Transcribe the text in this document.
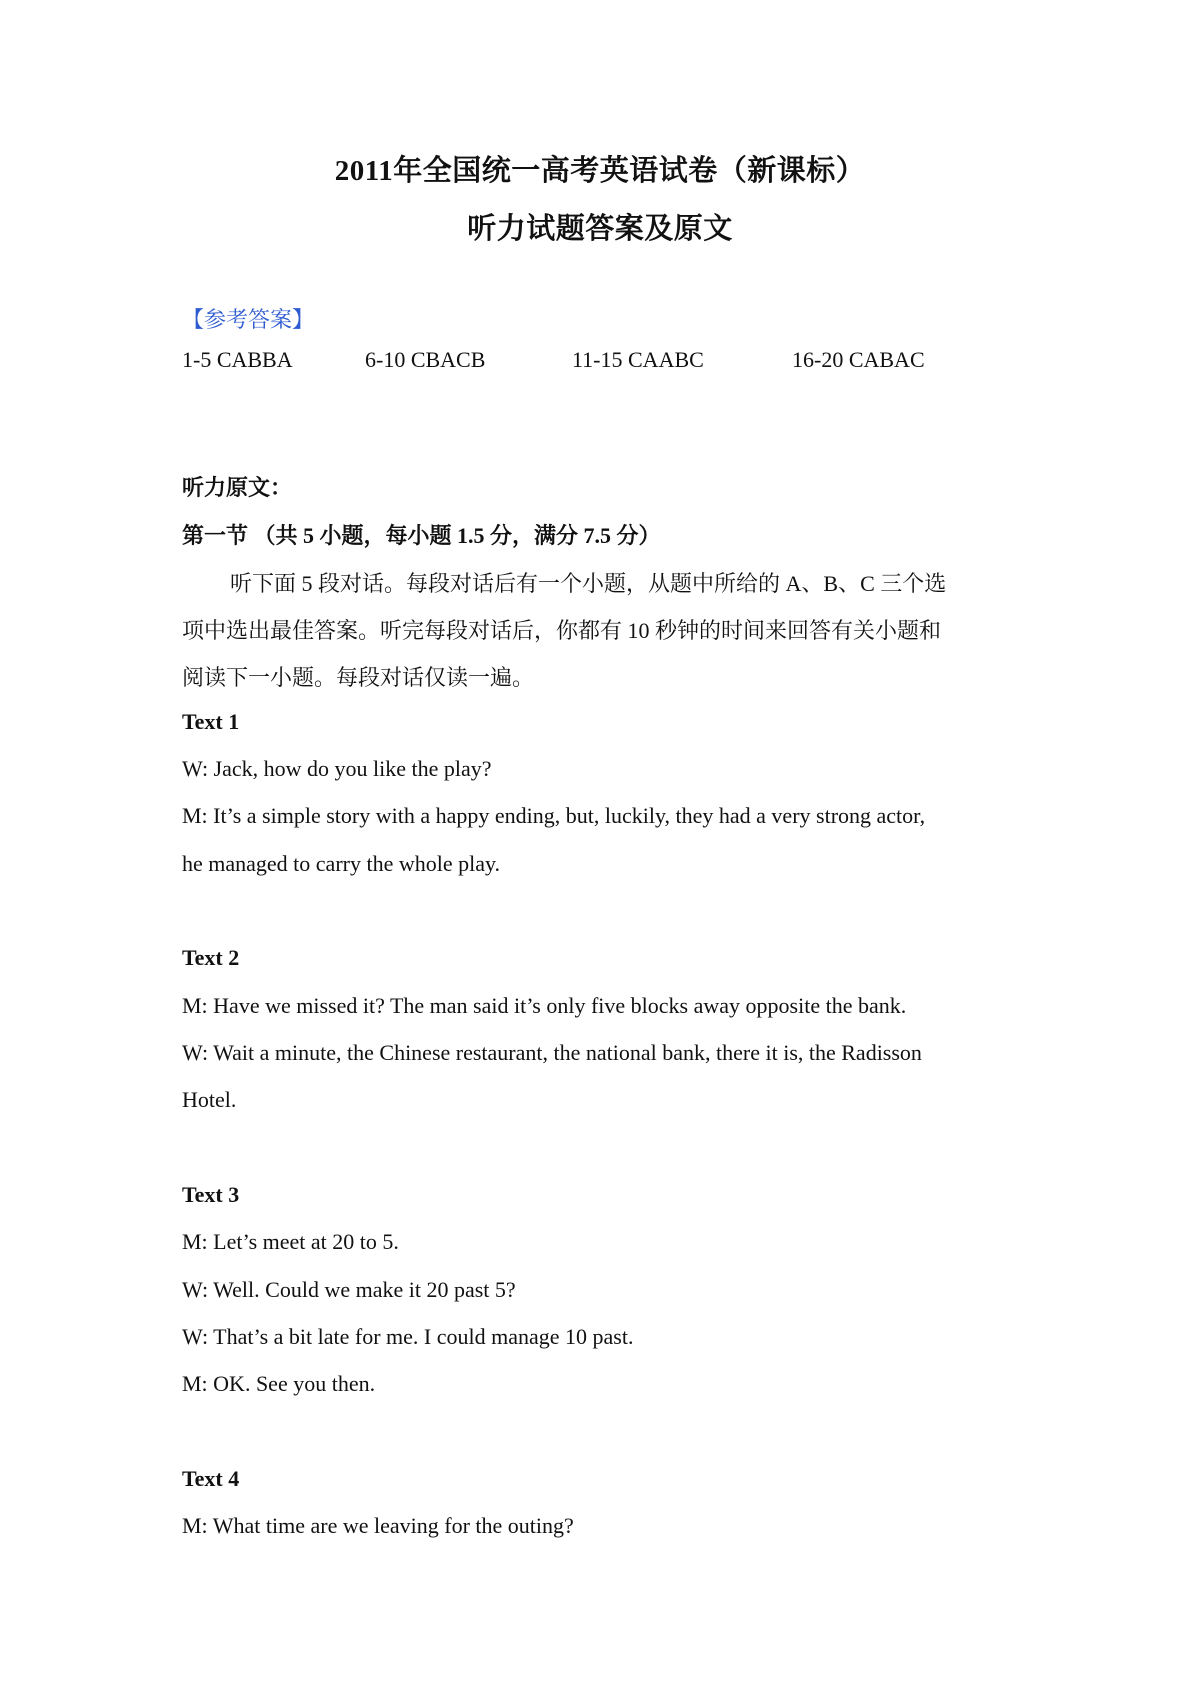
2011年全国统一高考英语试卷（新课标）
听力试题答案及原文
【参考答案】
1-5 CABBA	6-10 CBACB	11-15 CAABC	16-20 CABAC
听力原文：
第一节 （共 5 小题，每小题 1.5 分，满分 7.5 分）
听下面 5 段对话。每段对话后有一个小题，从题中所给的 A、B、C 三个选
项中选出最佳答案。听完每段对话后，你都有 10 秒钟的时间来回答有关小题和
阅读下一小题。每段对话仅读一遍。
Text 1
W: Jack, how do you like the play?
M: It’s a simple story with a happy ending, but, luckily, they had a very strong actor,
he managed to carry the whole play.
Text 2
M: Have we missed it? The man said it’s only five blocks away opposite the bank.
W: Wait a minute, the Chinese restaurant, the national bank, there it is, the Radisson
Hotel.
Text 3
M: Let’s meet at 20 to 5.
W: Well. Could we make it 20 past 5?
W: That’s a bit late for me. I could manage 10 past.
M: OK. See you then.
Text 4
M: What time are we leaving for the outing?
